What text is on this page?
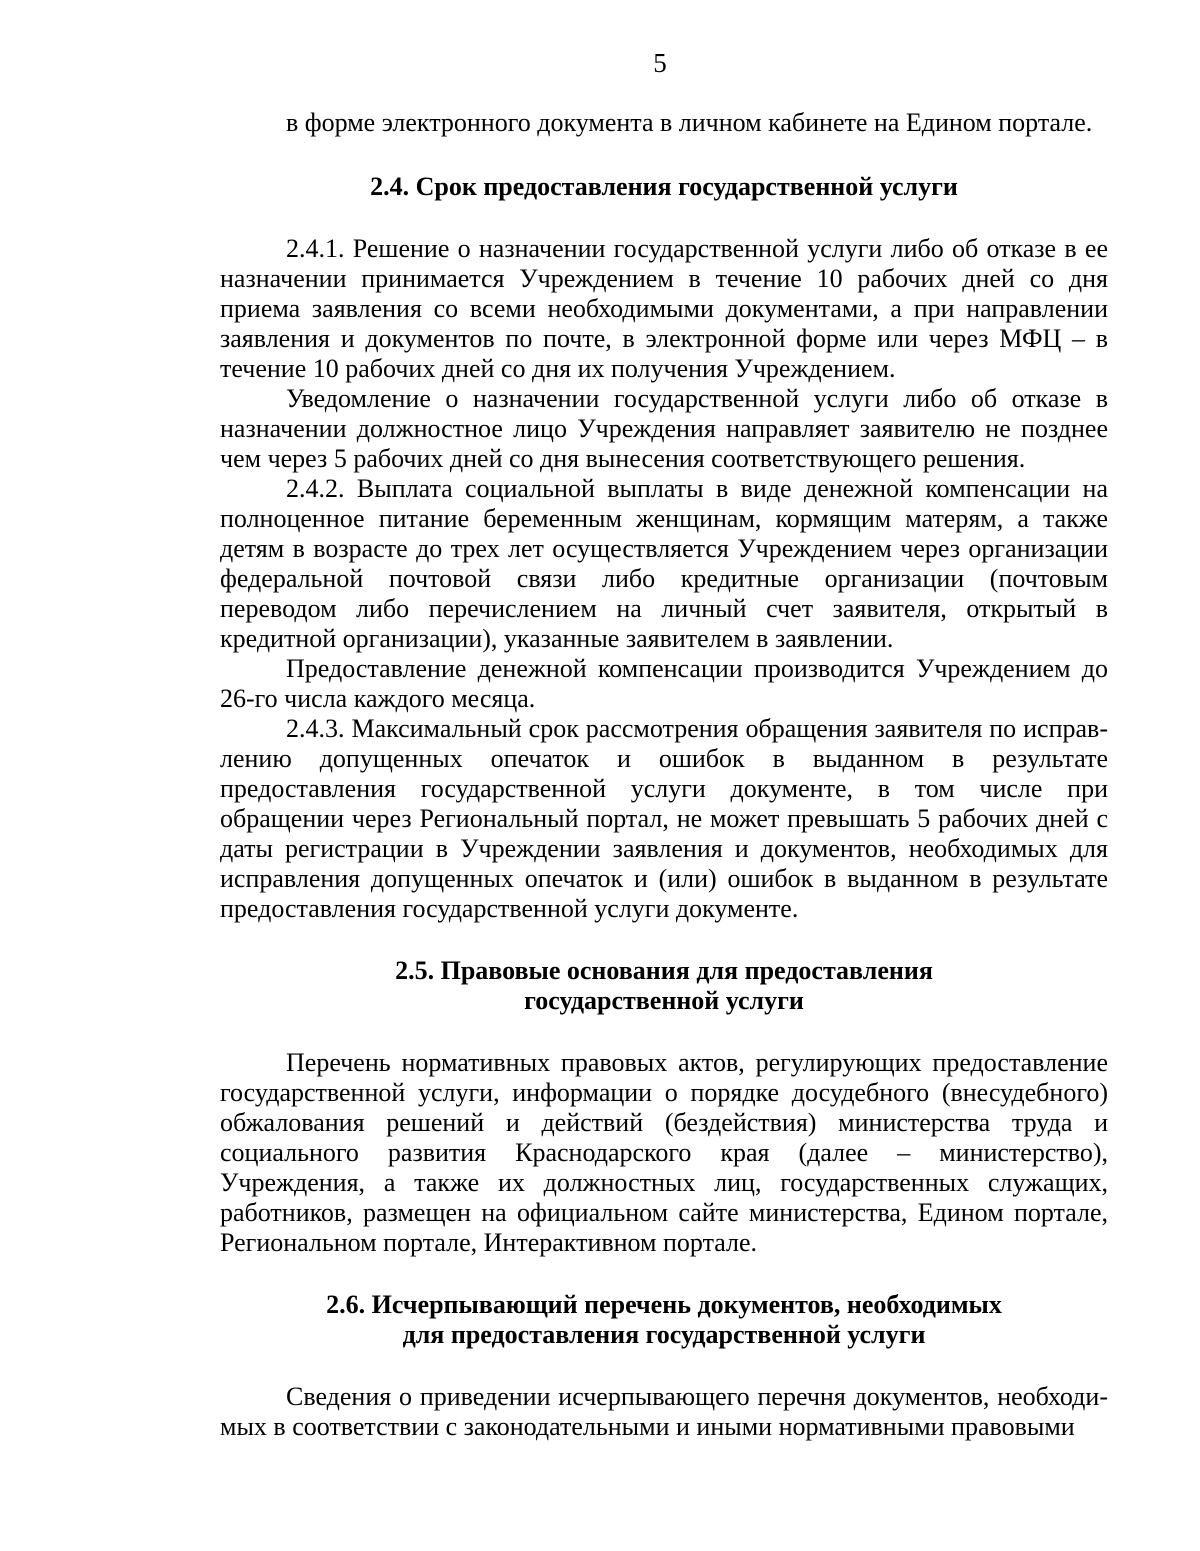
5

в форме электронного документа в личном кабинете на Едином портале.

2.4. Срок предоставления государственной услуги

2.4.1. Решение о назначении государственной услуги либо об отказе в ее назначении принимается Учреждением в течение 10 рабочих дней со дня приема заявления со всеми необходимыми документами, а при направлении заявления и документов по почте, в электронной форме или через МФЦ – в течение 10 рабочих дней со дня их получения Учреждением.

Уведомление о назначении государственной услуги либо об отказе в назначении должностное лицо Учреждения направляет заявителю не позднее чем через 5 рабочих дней со дня вынесения соответствующего решения.

2.4.2. Выплата социальной выплаты в виде денежной компенсации на полноценное питание беременным женщинам, кормящим матерям, а также детям в возрасте до трех лет осуществляется Учреждением через организации федеральной почтовой связи либо кредитные организации (почтовым переводом либо перечислением на личный счет заявителя, открытый в кредитной организации), указанные заявителем в заявлении.

Предоставление денежной компенсации производится Учреждением до 26-го числа каждого месяца.

2.4.3. Максимальный срок рассмотрения обращения заявителя по исправлению допущенных опечаток и ошибок в выданном в результате предоставления государственной услуги документе, в том числе при обращении через Региональный портал, не может превышать 5 рабочих дней с даты регистрации в Учреждении заявления и документов, необходимых для исправления допущенных опечаток и (или) ошибок в выданном в результате предоставления государственной услуги документе.

2.5. Правовые основания для предоставления
государственной услуги

Перечень нормативных правовых актов, регулирующих предоставление государственной услуги, информации о порядке досудебного (внесудебного) обжалования решений и действий (бездействия) министерства труда и социального развития Краснодарского края (далее – министерство), Учреждения, а также их должностных лиц, государственных служащих, работников, размещен на официальном сайте министерства, Едином портале, Региональном портале, Интерактивном портале.

2.6. Исчерпывающий перечень документов, необходимых
для предоставления государственной услуги

Сведения о приведении исчерпывающего перечня документов, необходимых в соответствии с законодательными и иными нормативными правовыми
